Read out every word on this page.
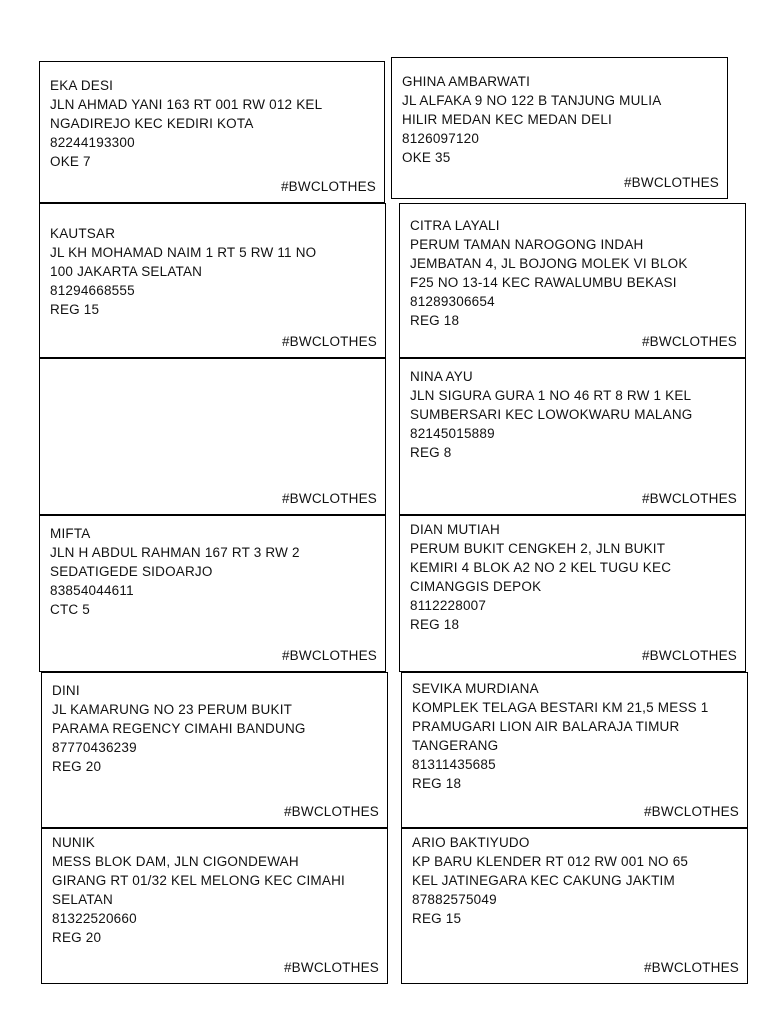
EKA DESI
JLN AHMAD YANI 163 RT 001 RW 012 KEL
NGADIREJO KEC KEDIRI KOTA
82244193300
OKE 7
#BWCLOTHES
GHINA AMBARWATI
JL ALFAKA 9 NO 122 B TANJUNG MULIA
HILIR MEDAN KEC MEDAN DELI
8126097120
OKE 35
#BWCLOTHES
KAUTSAR
JL KH MOHAMAD NAIM 1 RT 5 RW 11 NO
100 JAKARTA SELATAN
81294668555
REG 15
#BWCLOTHES
CITRA LAYALI
PERUM TAMAN NAROGONG INDAH
JEMBATAN 4, JL BOJONG MOLEK VI BLOK
F25 NO 13-14 KEC RAWALUMBU BEKASI
81289306654
REG 18
#BWCLOTHES
#BWCLOTHES
NINA AYU
JLN SIGURA GURA 1 NO 46 RT 8 RW 1 KEL
SUMBERSARI KEC LOWOKWARU MALANG
82145015889
REG 8
#BWCLOTHES
MIFTA
JLN H ABDUL RAHMAN 167 RT 3 RW 2
SEDATIGEDE SIDOARJO
83854044611
CTC 5
#BWCLOTHES
DIAN MUTIAH
PERUM BUKIT CENGKEH 2, JLN BUKIT
KEMIRI 4 BLOK A2 NO 2 KEL TUGU KEC
CIMANGGIS DEPOK
8112228007
REG 18
#BWCLOTHES
DINI
JL KAMARUNG NO 23 PERUM BUKIT
PARAMA REGENCY CIMAHI BANDUNG
87770436239
REG 20
#BWCLOTHES
SEVIKA MURDIANA
KOMPLEK TELAGA BESTARI KM 21,5 MESS 1
PRAMUGARI LION AIR BALARAJA TIMUR
TANGERANG
81311435685
REG 18
#BWCLOTHES
NUNIK
MESS BLOK DAM, JLN CIGONDEWAH
GIRANG RT 01/32 KEL MELONG KEC CIMAHI
SELATAN
81322520660
REG 20
#BWCLOTHES
ARIO BAKTIYUDO
KP BARU KLENDER RT 012 RW 001 NO 65
KEL JATINEGARA KEC CAKUNG JAKTIM
87882575049
REG 15
#BWCLOTHES
